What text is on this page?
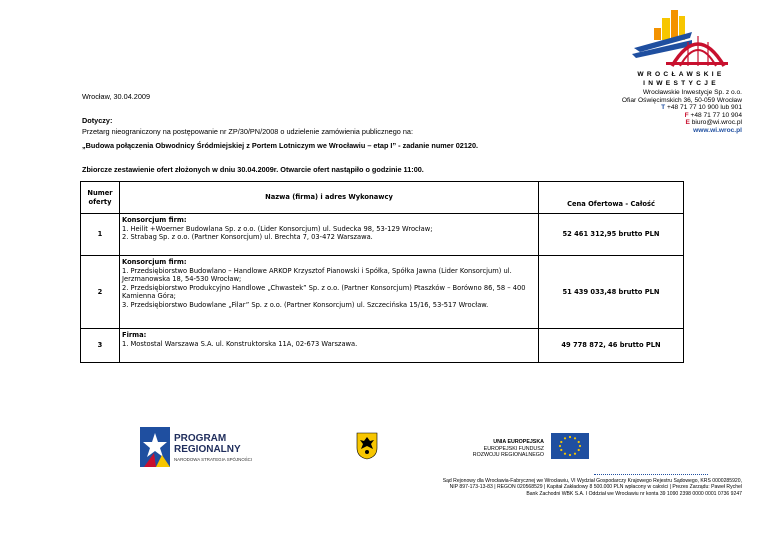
WROCŁAWSKIE
INWESTYCJE
Wrocławskie Inwestycje Sp. z o.o.
Ofiar Oświęcimskich 36, 50-059 Wrocław
T +48 71 77 10 900 lub 901
F +48 71 77 10 904
E biuro@wi.wroc.pl
www.wi.wroc.pl
Wrocław, 30.04.2009
Dotyczy:
Przetarg nieograniczony na postępowanie nr ZP/30/PN/2008 o udzielenie zamówienia publicznego na:
„Budowa połączenia Obwodnicy Śródmiejskiej z Portem Lotniczym we Wrocławiu – etap I” - zadanie numer 02120.
Zbiorcze zestawienie ofert złożonych w dniu 30.04.2009r. Otwarcie ofert nastąpiło o godzinie 11:00.
Numer oferty	Nazwa (firma) i adres Wykonawcy	Cena Ofertowa - Całość
1	Konsorcjum firm:
1. Heilit +Woerner Budowlana Sp. z o.o. (Lider Konsorcjum) ul. Sudecka 98, 53-129 Wrocław;
2. Strabag Sp. z o.o. (Partner Konsorcjum) ul. Brechta 7, 03-472 Warszawa.	52 461 312,95 brutto PLN
2	Konsorcjum firm:
1. Przedsiębiorstwo Budowlano – Handlowe ARKOP Krzysztof Pianowski i Spółka, Spółka Jawna (Lider Konsorcjum) ul. Jerzmanowska 18, 54-530 Wrocław;
2. Przedsiębiorstwo Produkcyjno Handlowe „Chwastek” Sp. z o.o. (Partner Konsorcjum) Ptaszków – Borówno 86, 58 – 400 Kamienna Góra;
3. Przedsiębiorstwo Budowlane „Filar” Sp. z o.o. (Partner Konsorcjum) ul. Szczecińska 15/16, 53-517 Wrocław.	51 439 033,48 brutto PLN
3	Firma:
1. Mostostal Warszawa S.A. ul. Konstruktorska 11A, 02-673 Warszawa.	49 778 872, 46 brutto PLN
PROGRAM
REGIONALNY
NARODOWA STRATEGIA SPÓJNOŚCI
UNIA EUROPEJSKA
EUROPEJSKI FUNDUSZ
ROZWOJU REGIONALNEGO
Sąd Rejonowy dla Wrocławia-Fabrycznej we Wrocławiu, VI Wydział Gospodarczy Krajowego Rejestru Sądowego, KRS 0000285920,
NIP 897-173-13-83 | REGON 020568529 | Kapitał Zakładowy 8 500.000 PLN wpłacony w całości | Prezes Zarządu: Paweł Rychel
Bank Zachodni WBK S.A. I Oddział we Wrocławiu nr konta 39 1090 2398 0000 0001 0736 9247
